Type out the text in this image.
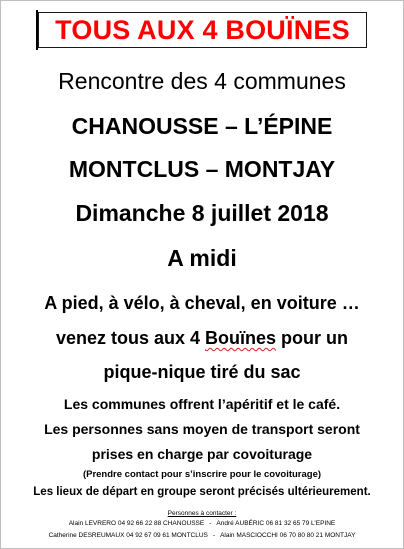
TOUS AUX 4 BOUÏNES
Rencontre des 4 communes
CHANOUSSE – L’ÉPINE
MONTCLUS – MONTJAY
Dimanche 8 juillet 2018
A midi
A pied, à vélo, à cheval, en voiture …
venez tous aux 4 Bouïnes pour un
pique-nique tiré du sac
Les communes offrent l’apéritif et le café.
Les personnes sans moyen de transport seront
prises en charge par covoiturage
(Prendre contact pour s’inscrire pour le covoiturage)
Les lieux de départ en groupe seront précisés ultérieurement.
Personnes à contacter :
Alain LEVRERO 04 92 66 22 88 CHANOUSSE - André AUBÉRIC 06 81 32 65 79 L’EPINE
Catherine DESREUMAUX 04 92 67 09 61 MONTCLUS - Alain MASCIOCCHI 06 70 80 80 21 MONTJAY
